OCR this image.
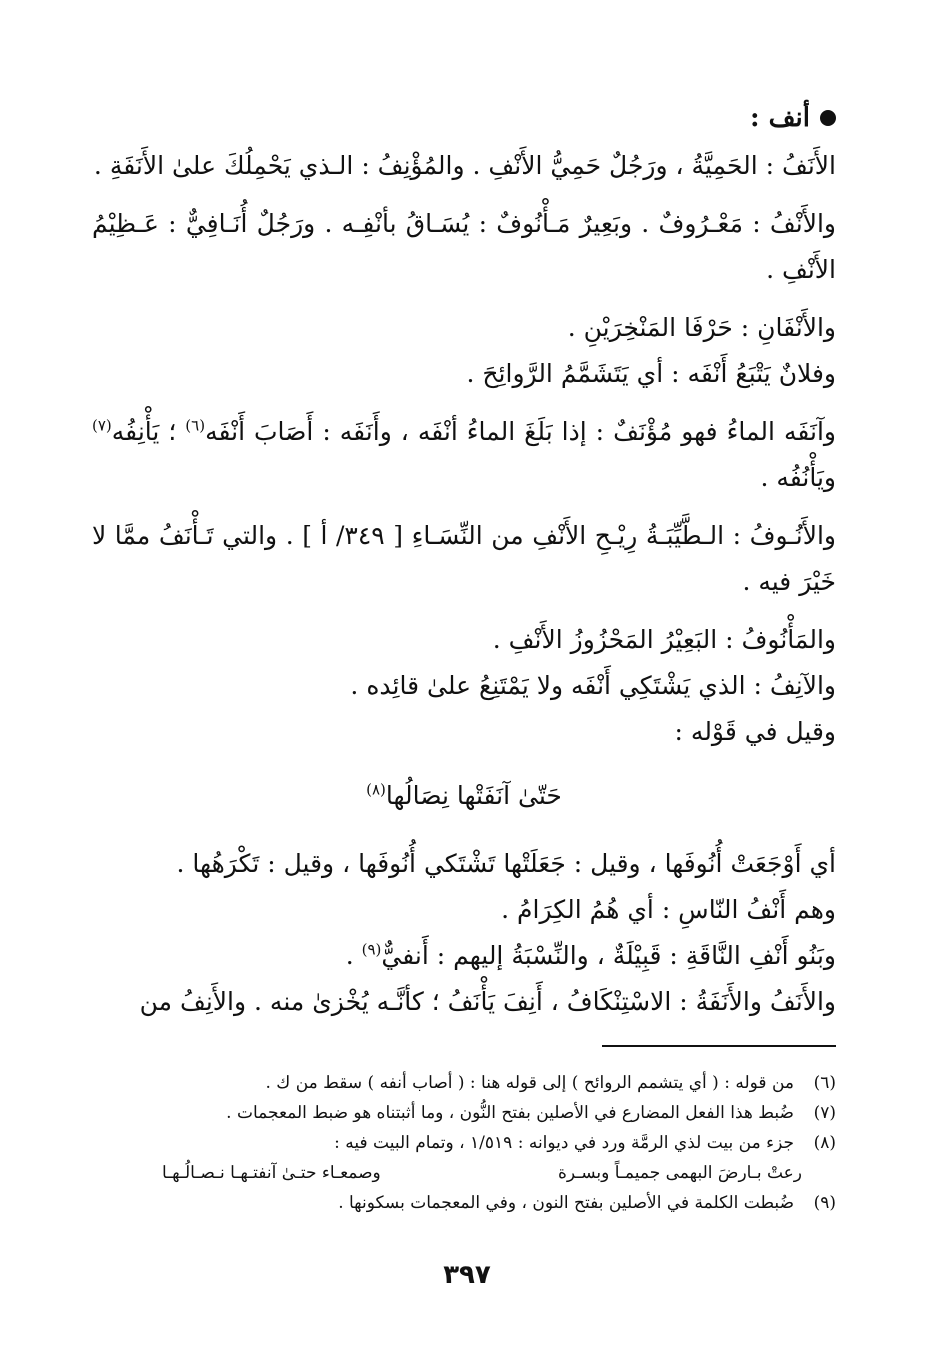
أنف :

الأَنَفُ : الحَمِيَّةُ ، ورَجُلٌ حَمِيُّ الأَنْفِ . والمُؤْنِفُ : الـذي يَحْمِلُكَ علىٰ الأَنَفَةِ .

والأَنْفُ : مَعْـرُوفٌ . وبَعِيرٌ مَـأْنُوفٌ : يُسَـاقُ بأنْفِـه . ورَجُلٌ أُنَـافِيٌّ : عَـظِيْمُ الأَنْفِ .

والأَنْفَانِ : حَرْفَا المَنْخِرَيْنِ .

وفلانٌ يَتْبَعُ أَنْفَه : أي يَتَشَمَّمُ الرَّوائِحَ .

وآنَفَه الماءُ فهو مُؤْنَفٌ : إذا بَلَغَ الماءُ أنْفَه ، وأَنَفَه : أَصَابَ أَنْفَه$^{(٦)}$ ؛ يَأْنِفُه$^{(٧)}$ ويَأْنُفُه .

والأَنُـوفُ : الـطَّيِّبَـةُ رِيْـحِ الأَنْفِ من النِّسَـاءِ [ ٣٤٩/ أ ] . والتي تَـأْنَفُ ممَّا لا خَيْرَ فيه .

والمَأْنُوفُ : البَعِيْرُ المَحْزُوزُ الأَنْفِ .

والآنِفُ : الذي يَشْتَكِي أَنْفَه ولا يَمْتَنِعُ علىٰ قائِده .

وقيل في قَوْله :

حَتّىٰ آنَفَتْها نِصَالُها$^{(٨)}$

أي أَوْجَعَتْ أُنُوفَها ، وقيل : جَعَلَتْها تَشْتَكي أُنُوفَها ، وقيل : تَكْرَهُها .

وهم أَنْفُ النّاسِ : أي هُمُ الكِرَامُ .

وبَنُو أَنْفِ النَّاقَةِ : قَبِيْلَةٌ ، والنِّسْبَةُ إليهم : أَنفيٌّ$^{(٩)}$ .

والأَنَفُ والأَنَفَةُ : الاسْتِنْكَافُ ، أَنِفَ يَأْنَفُ ؛ كأنَّـه يُخْزىٰ منه . والأَنِفُ من

(٦)
من قوله : ( أي يتشمم الروائح ) إلى قوله هنا : ( أصاب أنفه ) سقط من ك .
(٧)
ضُبط هذا الفعل المضارع في الأصلين بفتح النُّون ، وما أثبتناه هو ضبط المعجمات .
(٨)
جزء من بيت لذي الرمَّة ورد في ديوانه : ١/٥١٩ ، وتمام البيت فيه :
رعتْ بـارضَ البهمى جميمـاً وبسـرة
وصمعـاء حتـىٰ آنفتـهـا نـصـالُـهـا
(٩)
ضُبطت الكلمة في الأصلين بفتح النون ، وفي المعجمات بسكونها .
٣٩٧
